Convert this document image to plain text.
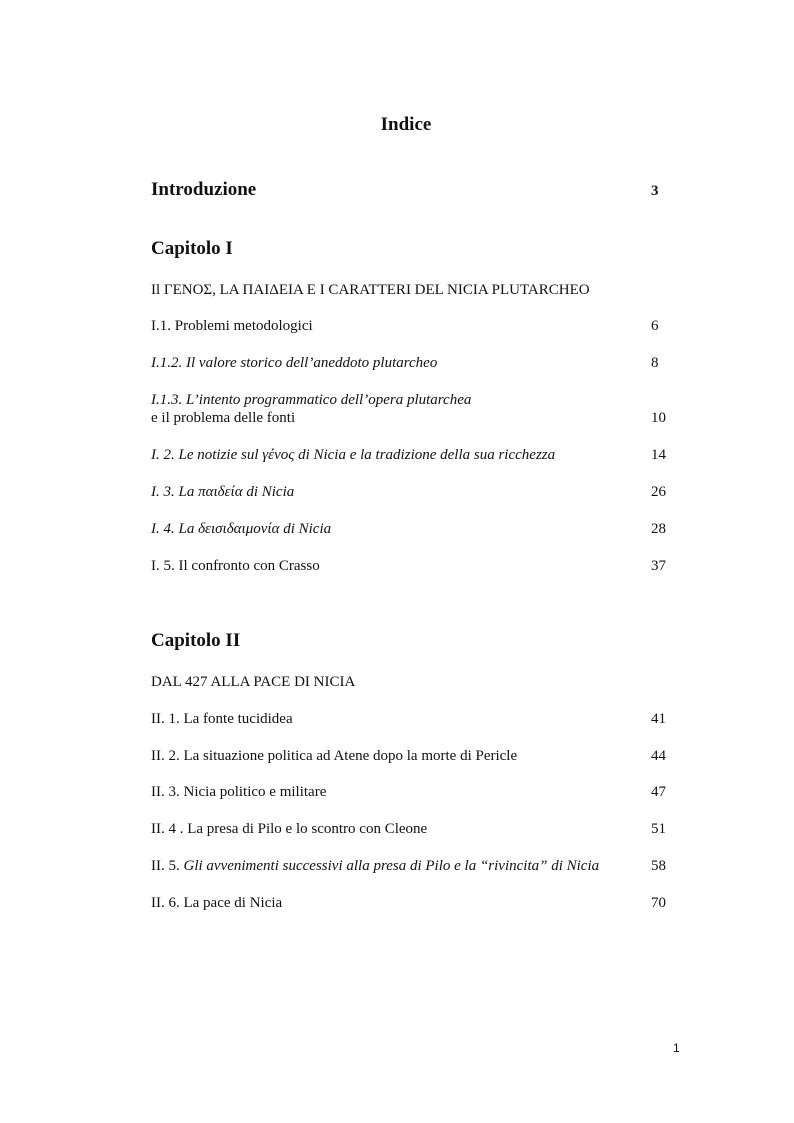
Indice
Introduzione	3
Capitolo I
Il ΓΕΝΟΣ, LA ΠΑΙΔΕΙΑ E I CARATTERI DEL NICIA PLUTARCHEO
I.1. Problemi metodologici	6
I.1.2. Il valore storico dell’aneddoto plutarcheo	8
I.1.3. L’intento programmatico dell’opera plutarchea
e il problema delle fonti	10
I. 2. Le notizie sul γένος di Nicia e la tradizione della sua ricchezza	14
I. 3. La παιδεία di Nicia	26
I. 4. La δεισιδαιμονία di Nicia	28
I. 5. Il confronto con Crasso	37
Capitolo II
DAL 427 ALLA PACE DI NICIA
II. 1. La fonte tucididea	41
II. 2. La situazione politica ad Atene dopo la morte di Pericle	44
II. 3. Nicia politico e militare	47
II. 4 . La presa di Pilo e lo scontro con Cleone	51
II. 5. Gli avvenimenti successivi alla presa di Pilo e la “rivincita” di Nicia	58
II. 6. La pace di Nicia	70
1
